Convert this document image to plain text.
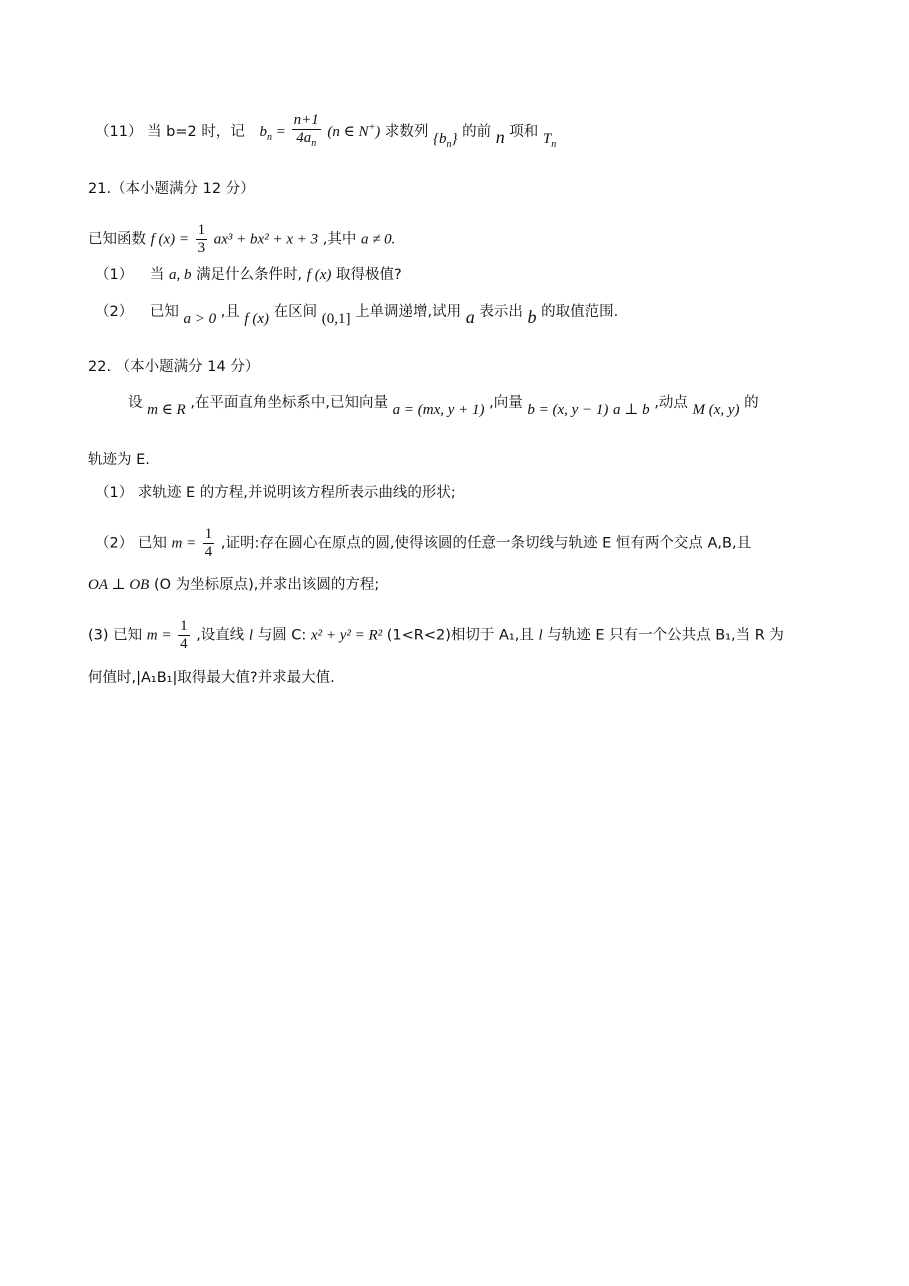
（11） 当 b=2 时，记 $b_n = \frac{n+1}{4a_n} (n$ ∈ N+) 求数列 $\{b_n\}$ 的前 n 项和 $T_n$
21.（本小题满分 12 分）
已知函数 f $(x) = \frac{1}{3} ax^3 + bx^2 + x + 3$ ,其中 a ≠ 0.
（1） 当 a, b 满足什么条件时, f (x) 取得极值?
（2） 已知 a > 0 ,且 f (x) 在区间 (0,1] 上单调递增,试用 a 表示出 b 的取值范围.
22. （本小题满分 14 分）
设 m ∈ R ,在平面直角坐标系中,已知向量 a = (mx, y + 1) ,向量 b = (x, y − 1) a ⊥ b ,动点 M (x, y) 的
轨迹为 E.
（1） 求轨迹 E 的方程,并说明该方程所表示曲线的形状;
（2） 已知 $m = \frac{1}{4}$ ,证明:存在圆心在原点的圆,使得该圆的任意一条切线与轨迹 E 恒有两个交点 A,B,且
OA ⊥ OB (O 为坐标原点),并求出该圆的方程;
(3) 已知 $m = \frac{1}{4}$ ,设直线 l 与圆 C: x² + y² = R² (1<R<2)相切于 A₁,且 l 与轨迹 E 只有一个公共点 B₁,当 R 为
何值时,|A₁B₁|取得最大值?并求最大值.
